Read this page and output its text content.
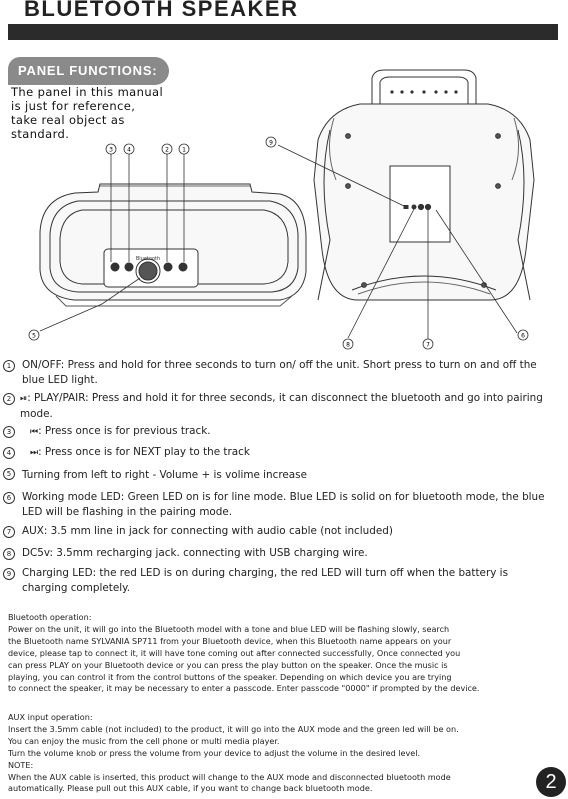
BLUETOOTH SPEAKER
PANEL FUNCTIONS:
The panel in this manual
is just for reference,
take real object as
standard.
Bluetooth
3 4	2 1
5
9
8	7
6
1	ON/OFF: Press and hold for three seconds to turn on/ off the unit. Short press to turn on and off the blue LED light.
2 ⏯: PLAY/PAIR: Press and hold it for three seconds, it can disconnect the bluetooth and go into pairing mode.
3	⏮: Press once is for previous track.
4	⏭: Press once is for NEXT play to the track
5	Turning from left to right - Volume + is volime increase
6	Working mode LED: Green LED on is for line mode. Blue LED is solid on for bluetooth mode, the blue LED will be flashing in the pairing mode.
7	AUX: 3.5 mm line in jack for connecting with audio cable (not included)
8	DC5v: 3.5mm recharging jack. connecting with USB charging wire.
9	Charging LED: the red LED is on during charging, the red LED will turn off when the battery is charging completely.
Bluetooth operation:
Power on the unit, it will go into the Bluetooth model with a tone and blue LED will be flashing slowly, search
the Bluetooth name SYLVANIA SP711 from your Bluetooth device, when this Bluetooth name appears on your
device, please tap to connect it, it will have tone coming out after connected successfully, Once connected you
can press PLAY on your Bluetooth device or you can press the play button on the speaker. Once the music is
playing, you can control it from the control buttons of the speaker. Depending on which device you are trying
to connect the speaker, it may be necessary to enter a passcode. Enter passcode "0000" if prompted by the device.
AUX input operation:
Insert the 3.5mm cable (not included) to the product, it will go into the AUX mode and the green led will be on.
You can enjoy the music from the cell phone or multi media player.
Turn the volume knob or press the volume from your device to adjust the volume in the desired level.
NOTE:
When the AUX cable is inserted, this product will change to the AUX mode and disconnected bluetooth mode
automatically. Please pull out this AUX cable, if you want to change back bluetooth mode.	2
